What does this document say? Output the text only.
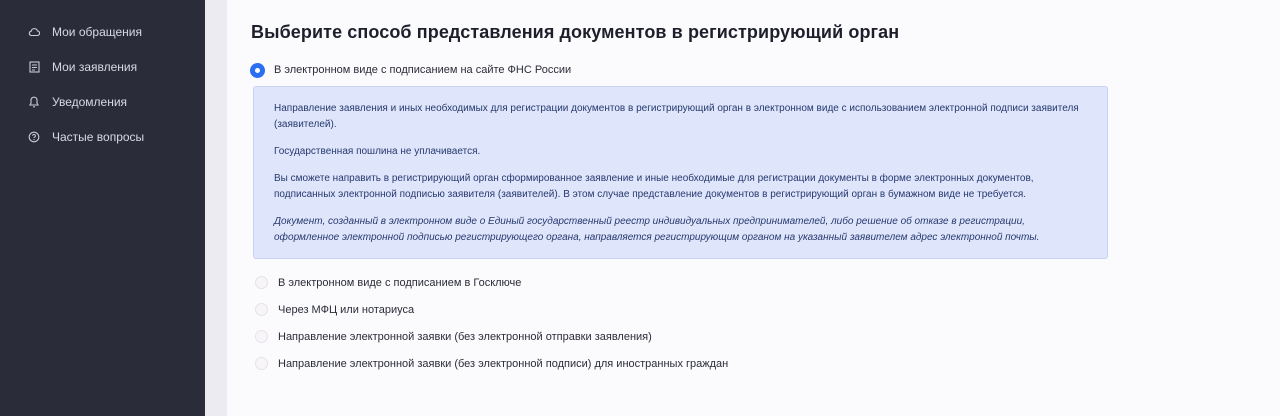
Мои обращения
Мои заявления
Уведомления
Частые вопросы
Выберите способ представления документов в регистрирующий орган
В электронном виде с подписанием на сайте ФНС России

Направление заявления и иных необходимых для регистрации документов в регистрирующий орган в электронном виде с использованием электронной подписи заявителя (заявителей).

Государственная пошлина не уплачивается.

Вы сможете направить в регистрирующий орган сформированное заявление и иные необходимые для регистрации документы в форме электронных документов, подписанных электронной подписью заявителя (заявителей). В этом случае представление документов в регистрирующий орган в бумажном виде не требуется.

Документ, созданный в электронном виде о Единый государственный реестр индивидуальных предпринимателей, либо решение об отказе в регистрации, оформленное электронной подписью регистрирующего органа, направляется регистрирующим органом на указанный заявителем адрес электронной почты.

В электронном виде с подписанием в Госключе
Через МФЦ или нотариуса
Направление электронной заявки (без электронной отправки заявления)
Направление электронной заявки (без электронной подписи) для иностранных граждан
